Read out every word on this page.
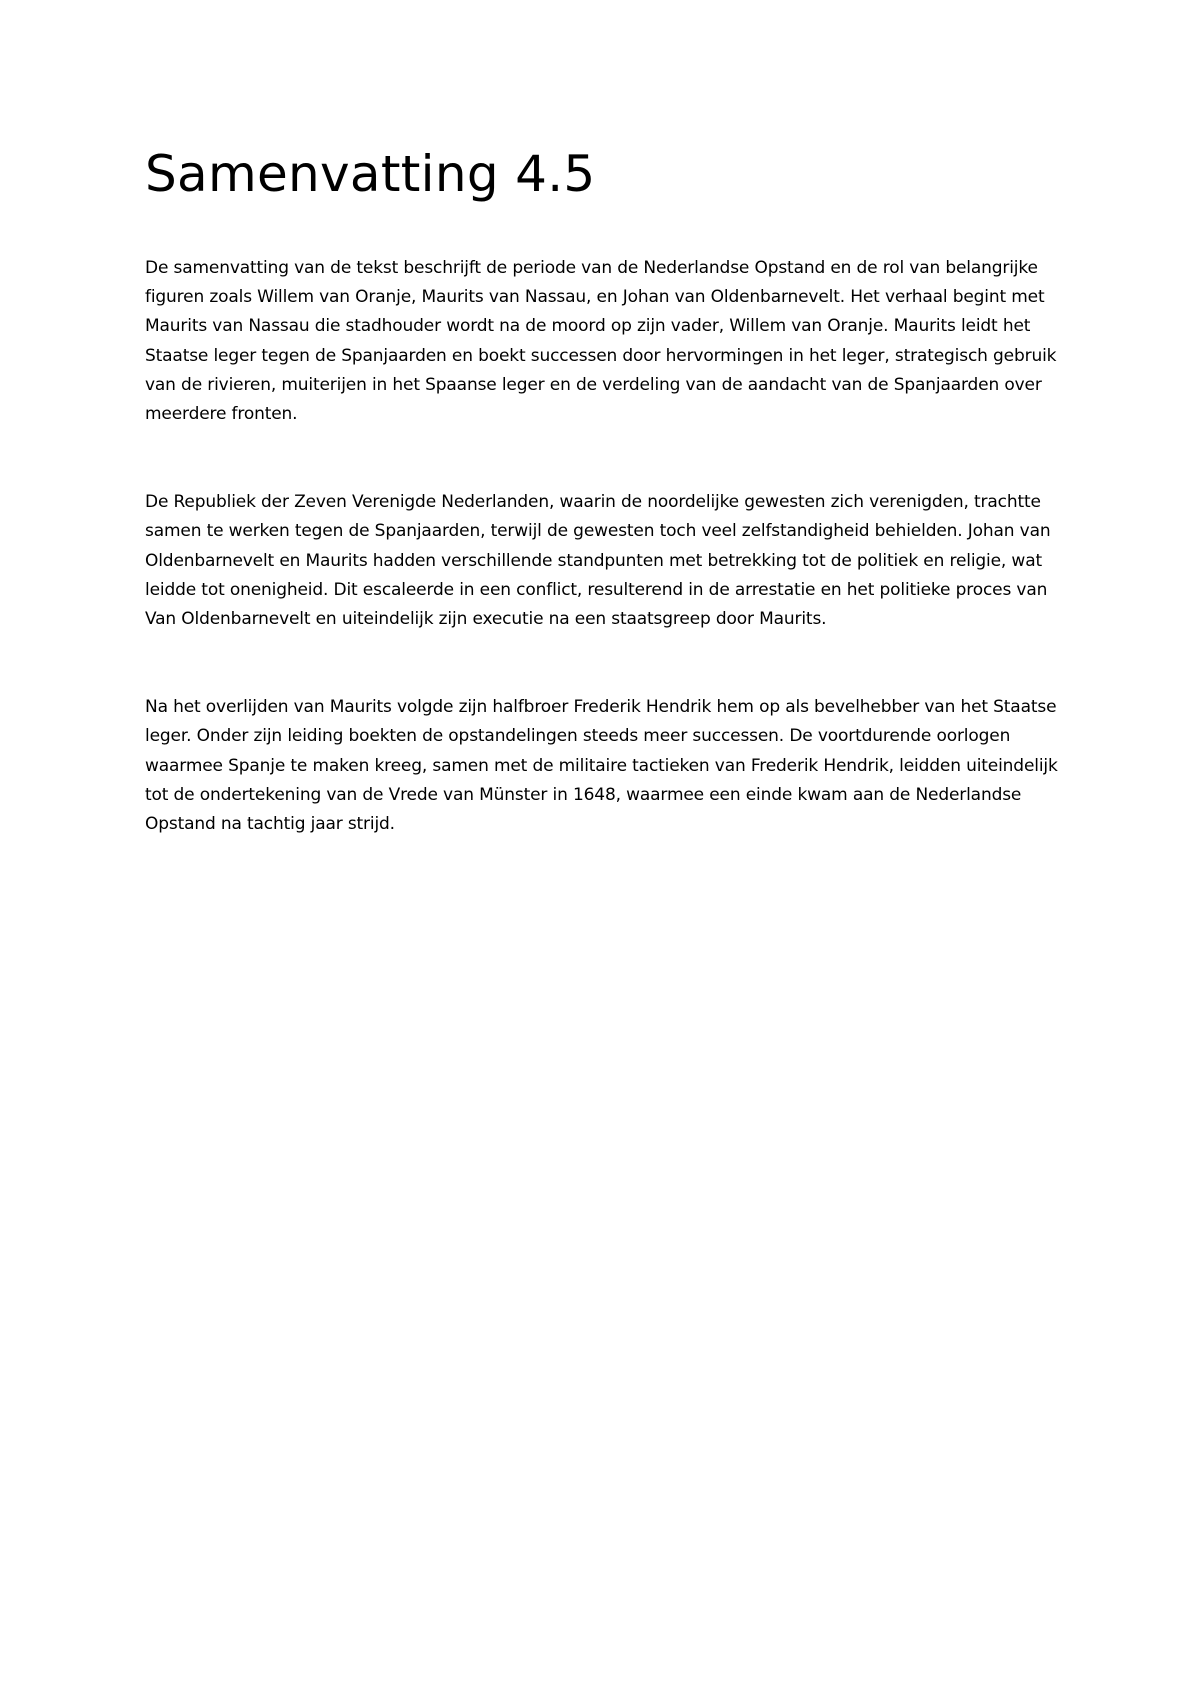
Samenvatting 4.5

De samenvatting van de tekst beschrijft de periode van de Nederlandse Opstand en de rol van belangrijke figuren zoals Willem van Oranje, Maurits van Nassau, en Johan van Oldenbarnevelt. Het verhaal begint met Maurits van Nassau die stadhouder wordt na de moord op zijn vader, Willem van Oranje. Maurits leidt het Staatse leger tegen de Spanjaarden en boekt successen door hervormingen in het leger, strategisch gebruik van de rivieren, muiterijen in het Spaanse leger en de verdeling van de aandacht van de Spanjaarden over meerdere fronten.

De Republiek der Zeven Verenigde Nederlanden, waarin de noordelijke gewesten zich verenigden, trachtte samen te werken tegen de Spanjaarden, terwijl de gewesten toch veel zelfstandigheid behielden. Johan van Oldenbarnevelt en Maurits hadden verschillende standpunten met betrekking tot de politiek en religie, wat leidde tot onenigheid. Dit escaleerde in een conflict, resulterend in de arrestatie en het politieke proces van Van Oldenbarnevelt en uiteindelijk zijn executie na een staatsgreep door Maurits.

Na het overlijden van Maurits volgde zijn halfbroer Frederik Hendrik hem op als bevelhebber van het Staatse leger. Onder zijn leiding boekten de opstandelingen steeds meer successen. De voortdurende oorlogen waarmee Spanje te maken kreeg, samen met de militaire tactieken van Frederik Hendrik, leidden uiteindelijk tot de ondertekening van de Vrede van Münster in 1648, waarmee een einde kwam aan de Nederlandse Opstand na tachtig jaar strijd.
